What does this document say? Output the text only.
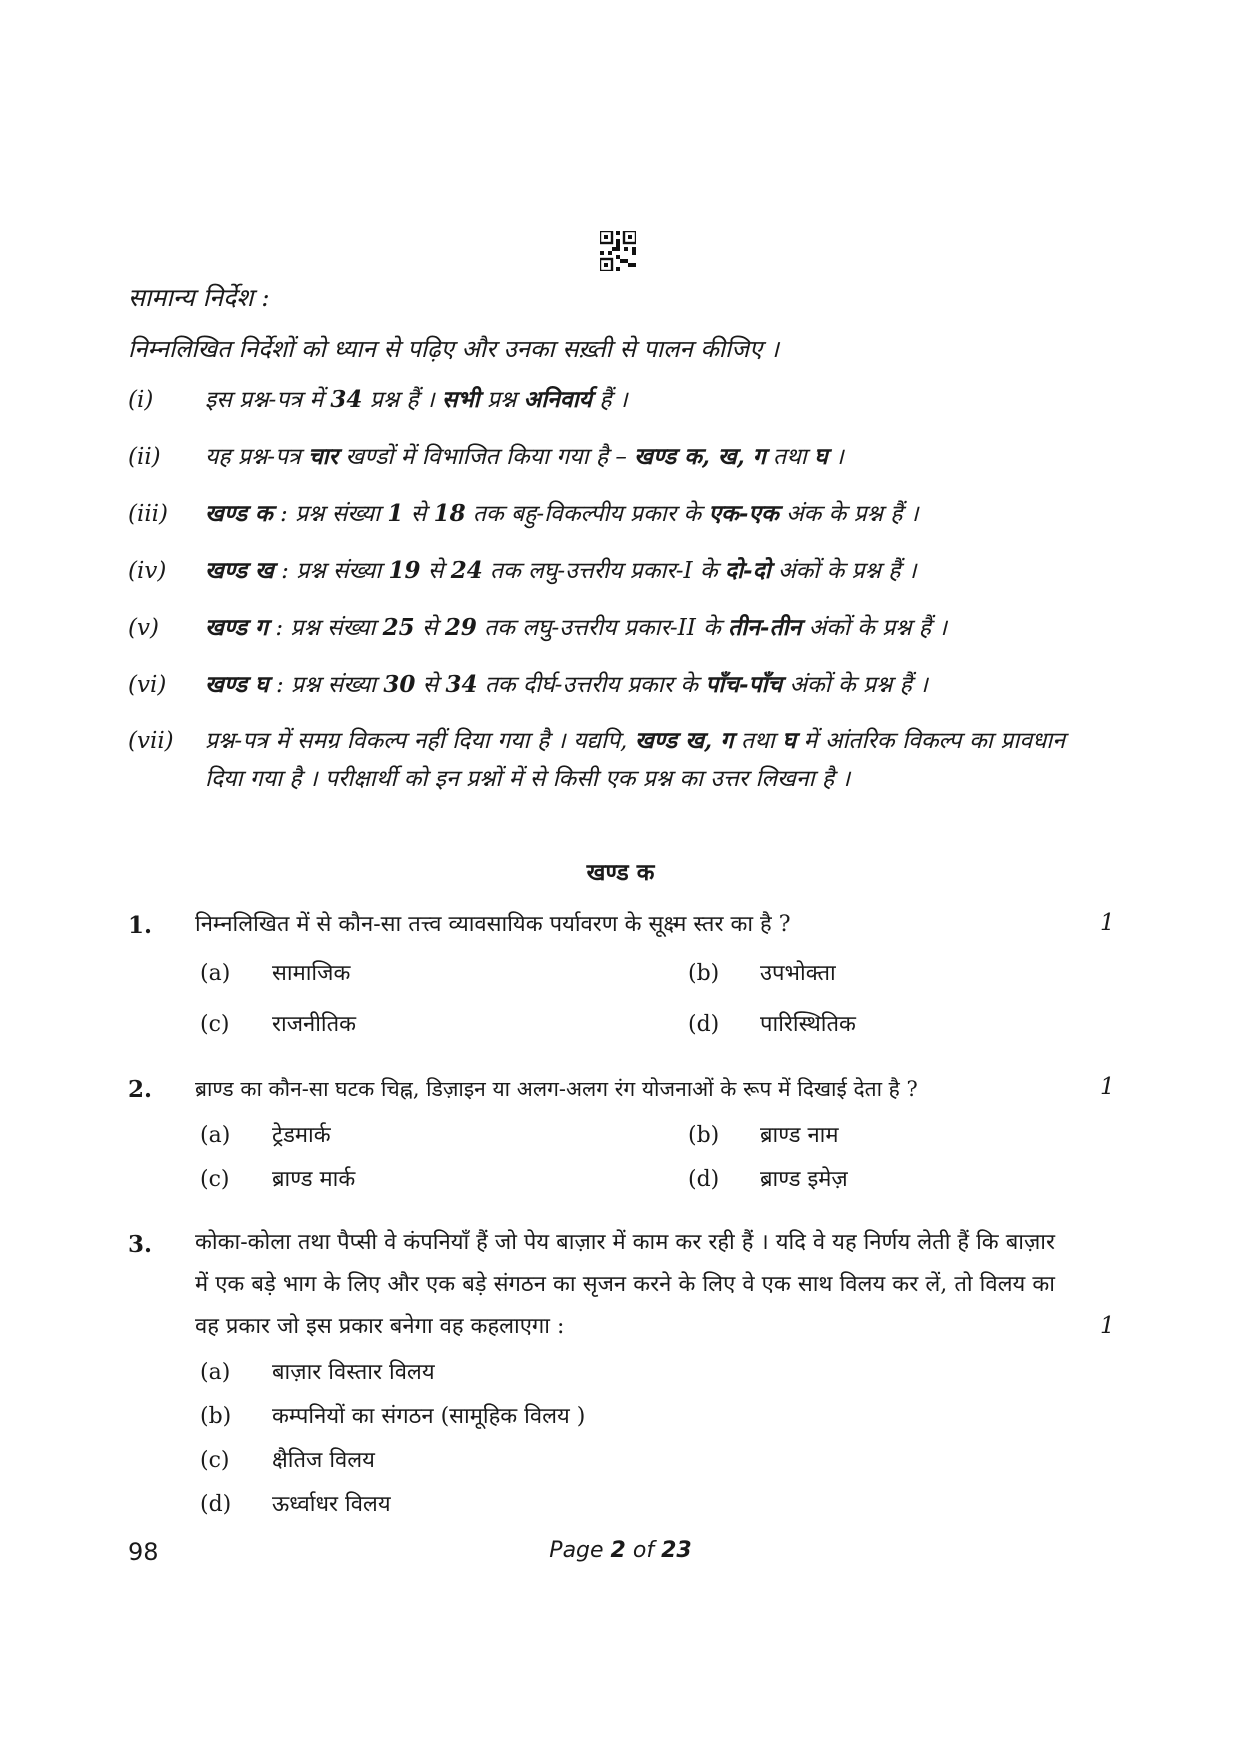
सामान्य निर्देश :
निम्नलिखित निर्देशों को ध्यान से पढ़िए और उनका सख़्ती से पालन कीजिए ।
(i) इस प्रश्न-पत्र में 34 प्रश्न हैं । सभी प्रश्न अनिवार्य हैं ।
(ii) यह प्रश्न-पत्र चार खण्डों में विभाजित किया गया है – खण्ड क, ख, ग तथा घ ।
(iii) खण्ड क : प्रश्न संख्या 1 से 18 तक बहु-विकल्पीय प्रकार के एक-एक अंक के प्रश्न हैं ।
(iv) खण्ड ख : प्रश्न संख्या 19 से 24 तक लघु-उत्तरीय प्रकार-I के दो-दो अंकों के प्रश्न हैं ।
(v) खण्ड ग : प्रश्न संख्या 25 से 29 तक लघु-उत्तरीय प्रकार-II के तीन-तीन अंकों के प्रश्न हैं ।
(vi) खण्ड घ : प्रश्न संख्या 30 से 34 तक दीर्घ-उत्तरीय प्रकार के पाँच-पाँच अंकों के प्रश्न हैं ।
(vii) प्रश्न-पत्र में समग्र विकल्प नहीं दिया गया है । यद्यपि, खण्ड ख, ग तथा घ में आंतरिक विकल्प का प्रावधान दिया गया है । परीक्षार्थी को इन प्रश्नों में से किसी एक प्रश्न का उत्तर लिखना है ।
खण्ड क
1. निम्नलिखित में से कौन-सा तत्त्व व्यावसायिक पर्यावरण के सूक्ष्म स्तर का है ?	1
(a) सामाजिक	(b) उपभोक्ता
(c) राजनीतिक	(d) पारिस्थितिक
2. ब्राण्ड का कौन-सा घटक चिह्न, डिज़ाइन या अलग-अलग रंग योजनाओं के रूप में दिखाई देता है ?	1
(a) ट्रेडमार्क	(b) ब्राण्ड नाम
(c) ब्राण्ड मार्क	(d) ब्राण्ड इमेज़
3. कोका-कोला तथा पैप्सी वे कंपनियाँ हैं जो पेय बाज़ार में काम कर रही हैं । यदि वे यह निर्णय लेती हैं कि बाज़ार में एक बड़े भाग के लिए और एक बड़े संगठन का सृजन करने के लिए वे एक साथ विलय कर लें, तो विलय का वह प्रकार जो इस प्रकार बनेगा वह कहलाएगा :	1
(a) बाज़ार विस्तार विलय
(b) कम्पनियों का संगठन (सामूहिक विलय )
(c) क्षैतिज विलय
(d) ऊर्ध्वाधर विलय
98	Page 2 of 23
